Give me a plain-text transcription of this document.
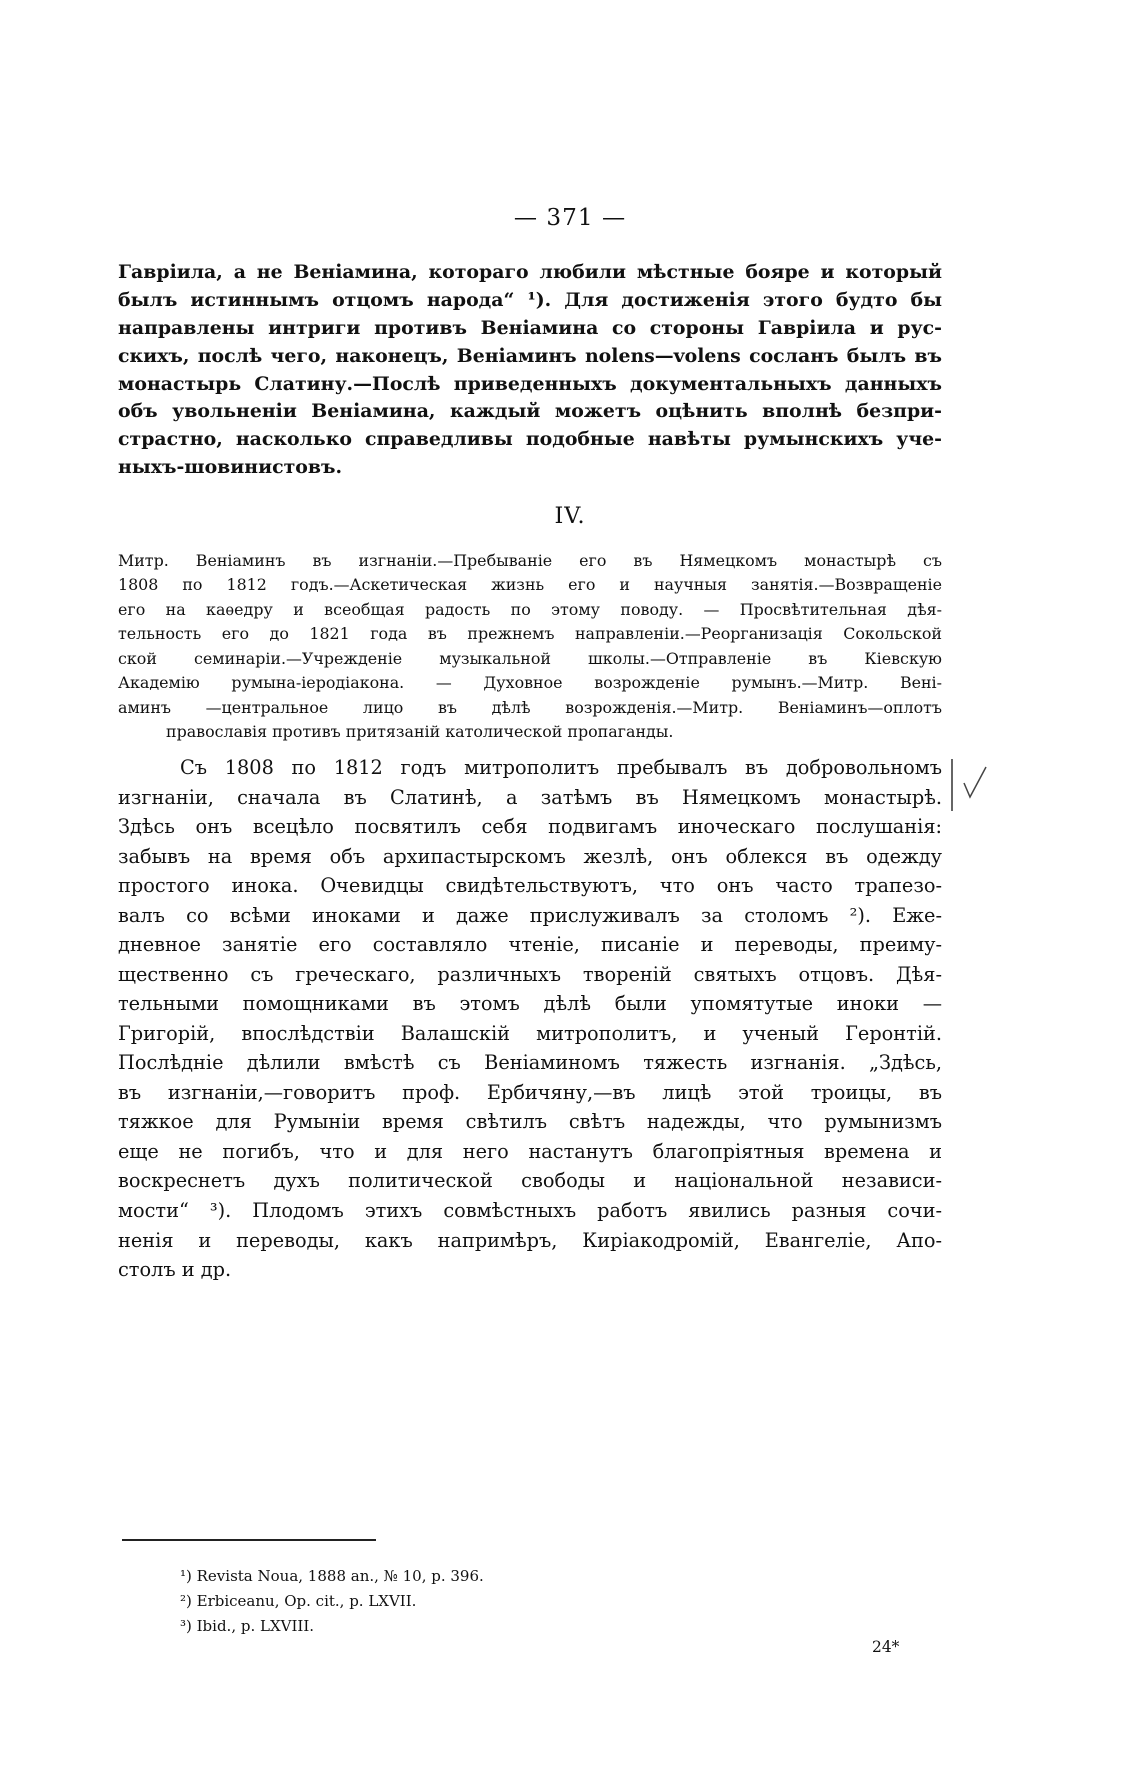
— 371 —
Гавріила, а не Веніамина, котораго любили мѣстные бояре и который
былъ истиннымъ отцомъ народа“ ¹). Для достиженія этого будто бы
направлены интриги противъ Веніамина со стороны Гавріила и рус-
скихъ, послѣ чего, наконецъ, Веніаминъ nolens—volens сосланъ былъ въ
монастырь Слатину.—Послѣ приведенныхъ документальныхъ данныхъ
объ увольненіи Веніамина, каждый можетъ оцѣнить вполнѣ безпри-
страстно, насколько справедливы подобные навѣты румынскихъ уче-
ныхъ-шовинистовъ.
IV.
Митр. Веніаминъ въ изгнаніи.—Пребываніе его въ Нямецкомъ монастырѣ съ
1808 по 1812 годъ.—Аскетическая жизнь его и научныя занятія.—Возвращеніе
его на каѳедру и всеобщая радость по этому поводу. — Просвѣтительная дѣя-
тельность его до 1821 года въ прежнемъ направленіи.—Реорганизація Сокольской
ской семинаріи.—Учрежденіе музыкальной школы.—Отправленіе въ Кіевскую
Академію румына-іеродіакона. — Духовное возрожденіе румынъ.—Митр. Вені-
аминъ —центральное лицо въ дѣлѣ возрожденія.—Митр. Веніаминъ—оплотъ
православія противъ притязаній католической пропаганды.
Съ 1808 по 1812 годъ митрополитъ пребывалъ въ добровольномъ
изгнаніи, сначала въ Слатинѣ, а затѣмъ въ Нямецкомъ монастырѣ.
Здѣсь онъ всецѣло посвятилъ себя подвигамъ иноческаго послушанія:
забывъ на время объ архипастырскомъ жезлѣ, онъ облекся въ одежду
простого инока. Очевидцы свидѣтельствуютъ, что онъ часто трапезо-
валъ со всѣми иноками и даже прислуживалъ за столомъ ²). Еже-
дневное занятіе его составляло чтеніе, писаніе и переводы, преиму-
щественно съ греческаго, различныхъ твореній святыхъ отцовъ. Дѣя-
тельными помощниками въ этомъ дѣлѣ были упомятутые иноки —
Григорій, впослѣдствіи Валашскій митрополитъ, и ученый Геронтій.
Послѣдніе дѣлили вмѣстѣ съ Веніаминомъ тяжесть изгнанія. „Здѣсь,
въ изгнаніи,—говоритъ проф. Ербичяну,—въ лицѣ этой троицы, въ
тяжкое для Румыніи время свѣтилъ свѣтъ надежды, что румынизмъ
еще не погибъ, что и для него настанутъ благопріятныя времена и
воскреснетъ духъ политической свободы и національной независи-
мости“ ³). Плодомъ этихъ совмѣстныхъ работъ явились разныя сочи-
ненія и переводы, какъ напримѣръ, Киріакодромій, Евангеліе, Апо-
столъ и др.
¹) Revista Noua, 1888 an., № 10, p. 396.
²) Erbiceanu, Op. cit., p. LXVII.
³) Ibid., p. LXVIII.
24*
